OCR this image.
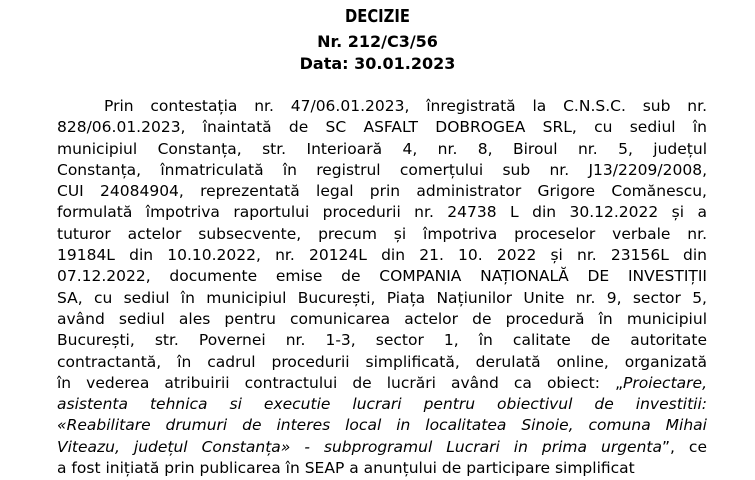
DECIZIE
Nr. 212/C3/56
Data: 30.01.2023
Prin contestația nr. 47/06.01.2023, înregistrată la C.N.S.C. sub nr.
828/06.01.2023, înaintată de SC ASFALT DOBROGEA SRL, cu sediul în
municipiul Constanța, str. Interioară 4, nr. 8, Biroul nr. 5, județul
Constanța, înmatriculată în registrul comerțului sub nr. J13/2209/2008,
CUI 24084904, reprezentată legal prin administrator Grigore Comănescu,
formulată împotriva raportului procedurii nr. 24738 L din 30.12.2022 și a
tuturor actelor subsecvente, precum și împotriva proceselor verbale nr.
19184L din 10.10.2022, nr. 20124L din 21. 10. 2022 și nr. 23156L din
07.12.2022, documente emise de COMPANIA NAȚIONALĂ DE INVESTIȚII
SA, cu sediul în municipiul București, Piața Națiunilor Unite nr. 9, sector 5,
având sediul ales pentru comunicarea actelor de procedură în municipiul
București, str. Povernei nr. 1-3, sector 1, în calitate de autoritate
contractantă, în cadrul procedurii simplificată, derulată online, organizată
în vederea atribuirii contractului de lucrări având ca obiect: „Proiectare,
asistenta tehnica si executie lucrari pentru obiectivul de investitii:
«Reabilitare drumuri de interes local in localitatea Sinoie, comuna Mihai
Viteazu, județul Constanța» - subprogramul Lucrari in prima urgenta”, ce
a fost inițiată prin publicarea în SEAP a anunțului de participare simplificat
